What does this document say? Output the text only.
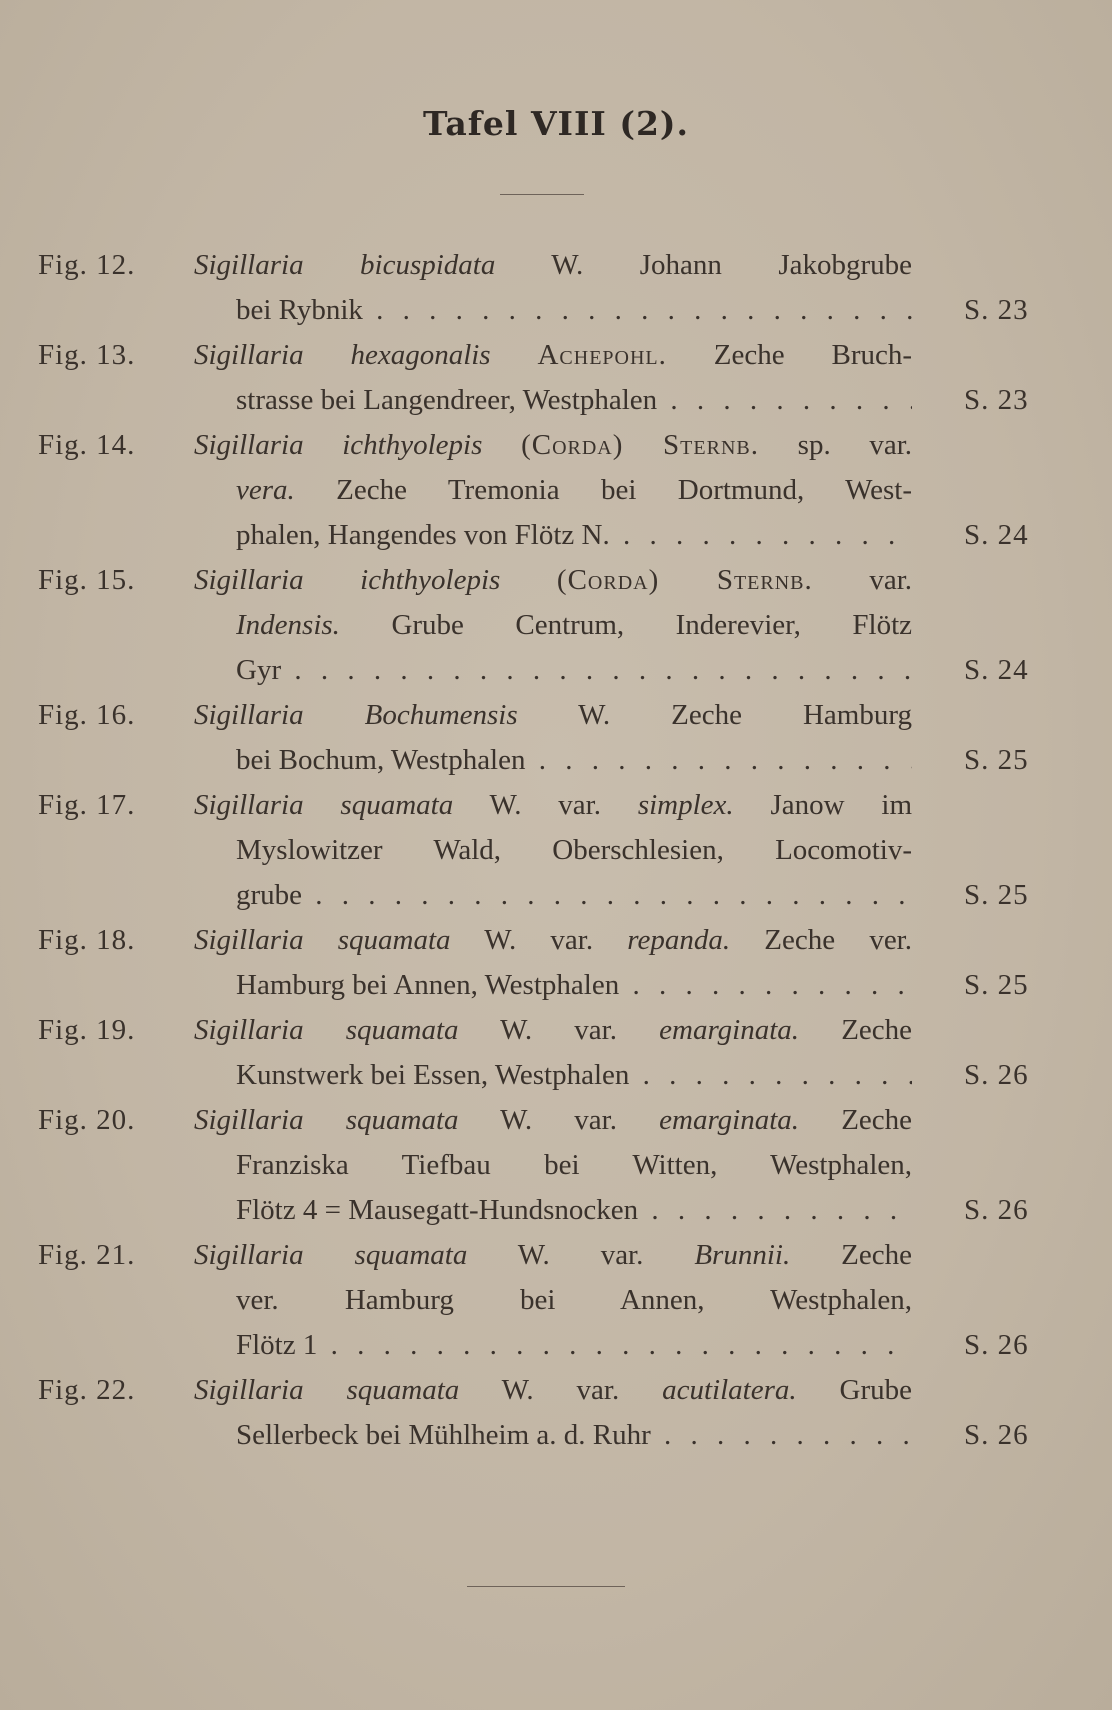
Tafel VIII (2).
Fig. 12. Sigillaria bicuspidata W. Johann Jakobgrube
bei Rybnik . . .	S. 23
Fig. 13. Sigillaria hexagonalis Achepohl. Zeche Bruch-
strasse bei Langendreer, Westphalen . . .	S. 23
Fig. 14. Sigillaria ichthyolepis (Corda) Sternb. sp. var.
vera. Zeche Tremonia bei Dortmund, West-
phalen, Hangendes von Flötz N. . . .	S. 24
Fig. 15. Sigillaria ichthyolepis (Corda) Sternb. var.
Indensis. Grube Centrum, Inderevier, Flötz
Gyr . . .	S. 24
Fig. 16. Sigillaria Bochumensis W. Zeche Hamburg
bei Bochum, Westphalen . . .	S. 25
Fig. 17. Sigillaria squamata W. var. simplex. Janow im
Myslowitzer Wald, Oberschlesien, Locomotiv-
grube . . .	S. 25
Fig. 18. Sigillaria squamata W. var. repanda. Zeche ver.
Hamburg bei Annen, Westphalen . . .	S. 25
Fig. 19. Sigillaria squamata W. var. emarginata. Zeche
Kunstwerk bei Essen, Westphalen . . .	S. 26
Fig. 20. Sigillaria squamata W. var. emarginata. Zeche
Franziska Tiefbau bei Witten, Westphalen,
Flötz 4 = Mausegatt-Hundsnocken . . .	S. 26
Fig. 21. Sigillaria squamata W. var. Brunnii. Zeche
ver. Hamburg bei Annen, Westphalen,
Flötz 1 . . .	S. 26
Fig. 22. Sigillaria squamata W. var. acutilatera. Grube
Sellerbeck bei Mühlheim a. d. Ruhr . . .	S. 26
